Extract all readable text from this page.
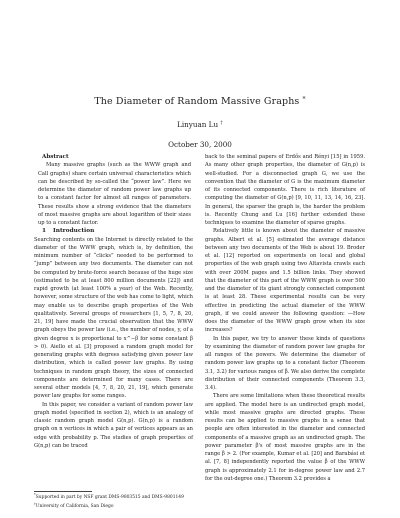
The Diameter of Random Massive Graphs *
Linyuan Lu †
October 30, 2000

Abstract

Many massive graphs (such as the WWW graph and Call graphs) share certain universal characteristics which can be described by so-called the “power law”. Here we determine the diameter of random power law graphs up to a constant factor for almost all ranges of parameters. These results show a strong evidence that the diameters of most massive graphs are about logarithm of their sizes up to a constant factor.

1 Introduction

Searching contents on the Internet is directly related to the diameter of the WWW graph, which is, by definition, the minimum number of “clicks” needed to be performed to “jump” between any two documents. The diameter can not be computed by brute-force search because of the huge size (estimated to be at least 800 million documents [22]) and rapid growth (at least 100% a year) of the Web. Recently, however, some structure of the web has come to light, which may enable us to describe graph properties of the Web qualitatively. Several groups of researchers [1, 5, 7, 8, 20, 21, 19] have made the crucial observation that the WWW graph obeys the power law (i.e., the number of nodes, y, of a given degree x is proportional to x^−β for some constant β > 0). Aiello et al. [3] proposed a random graph model for generating graphs with degrees satisfying given power law distribution, which is called power law graphs. By using techniques in random graph theory, the sizes of connected components are determined for many cases. There are several other models [4, 7, 8, 20, 21, 19], which generate power law graphs for some ranges.

In this paper, we consider a variant of random power law graph model (specified in section 2), which is an analogy of classic random graph model G(n,p). G(n,p) is a random graph on n vertices in which a pair of vertices appears as an edge with probability p. The studies of graph properties of G(n,p) can be traced

back to the seminal papers of Erdős and Rényi [15] in 1959. As many other graph properties, the diameter of G(n,p) is well-studied. For a disconnected graph G, we use the convention that the diameter of G is the maximum diameter of its connected components. There is rich literature of computing the diameter of G(n,p) [9, 10, 11, 13, 14, 16, 23]. In general, the sparser the graph is, the harder the problem is. Recently Chung and Lu [16] further extended these techniques to examine the diameter of sparse graphs.

Relatively little is known about the diameter of massive graphs. Albert et al. [5] estimated the average distance between any two documents of the Web is about 19. Broder et al. [12] reported on experiments on local and global properties of the web graph using two Altavista crawls each with over 200M pages and 1.5 billion links. They showed that the diameter of this part of the WWW graph is over 500 and the diameter of its giant strongly connected component is at least 28. These experimental results can be very effective in predicting the actual diameter of the WWW graph, if we could answer the following question: —How does the diameter of the WWW graph grow when its size increases?

In this paper, we try to answer these kinds of questions by examining the diameter of random power law graphs for all ranges of the powers. We determine the diameter of random power law graphs up to a constant factor (Theorem 3.1, 3.2) for various ranges of β. We also derive the complete distribution of their connected components (Theorem 3.3, 3.4).

There are some limitations when these theoretical results are applied. The model here is an undirected graph model, while most massive graphs are directed graphs. These results can be applied to massive graphs in a sense that people are often interested in the diameter and connected components of a massive graph as an undirected graph. The power parameter β's of most massive graphs are in the range β > 2. (For example, Kumar et al. [20] and Barabási et al. [7, 8] independently reported the value β of the WWW graph is approximately 2.1 for in-degree power law and 2.7 for the out-degree one.) Theorem 3.2 provides a

*Supported in part by NSF grant DMS-9803515 and DMS-9801149
†University of California, San Diego
